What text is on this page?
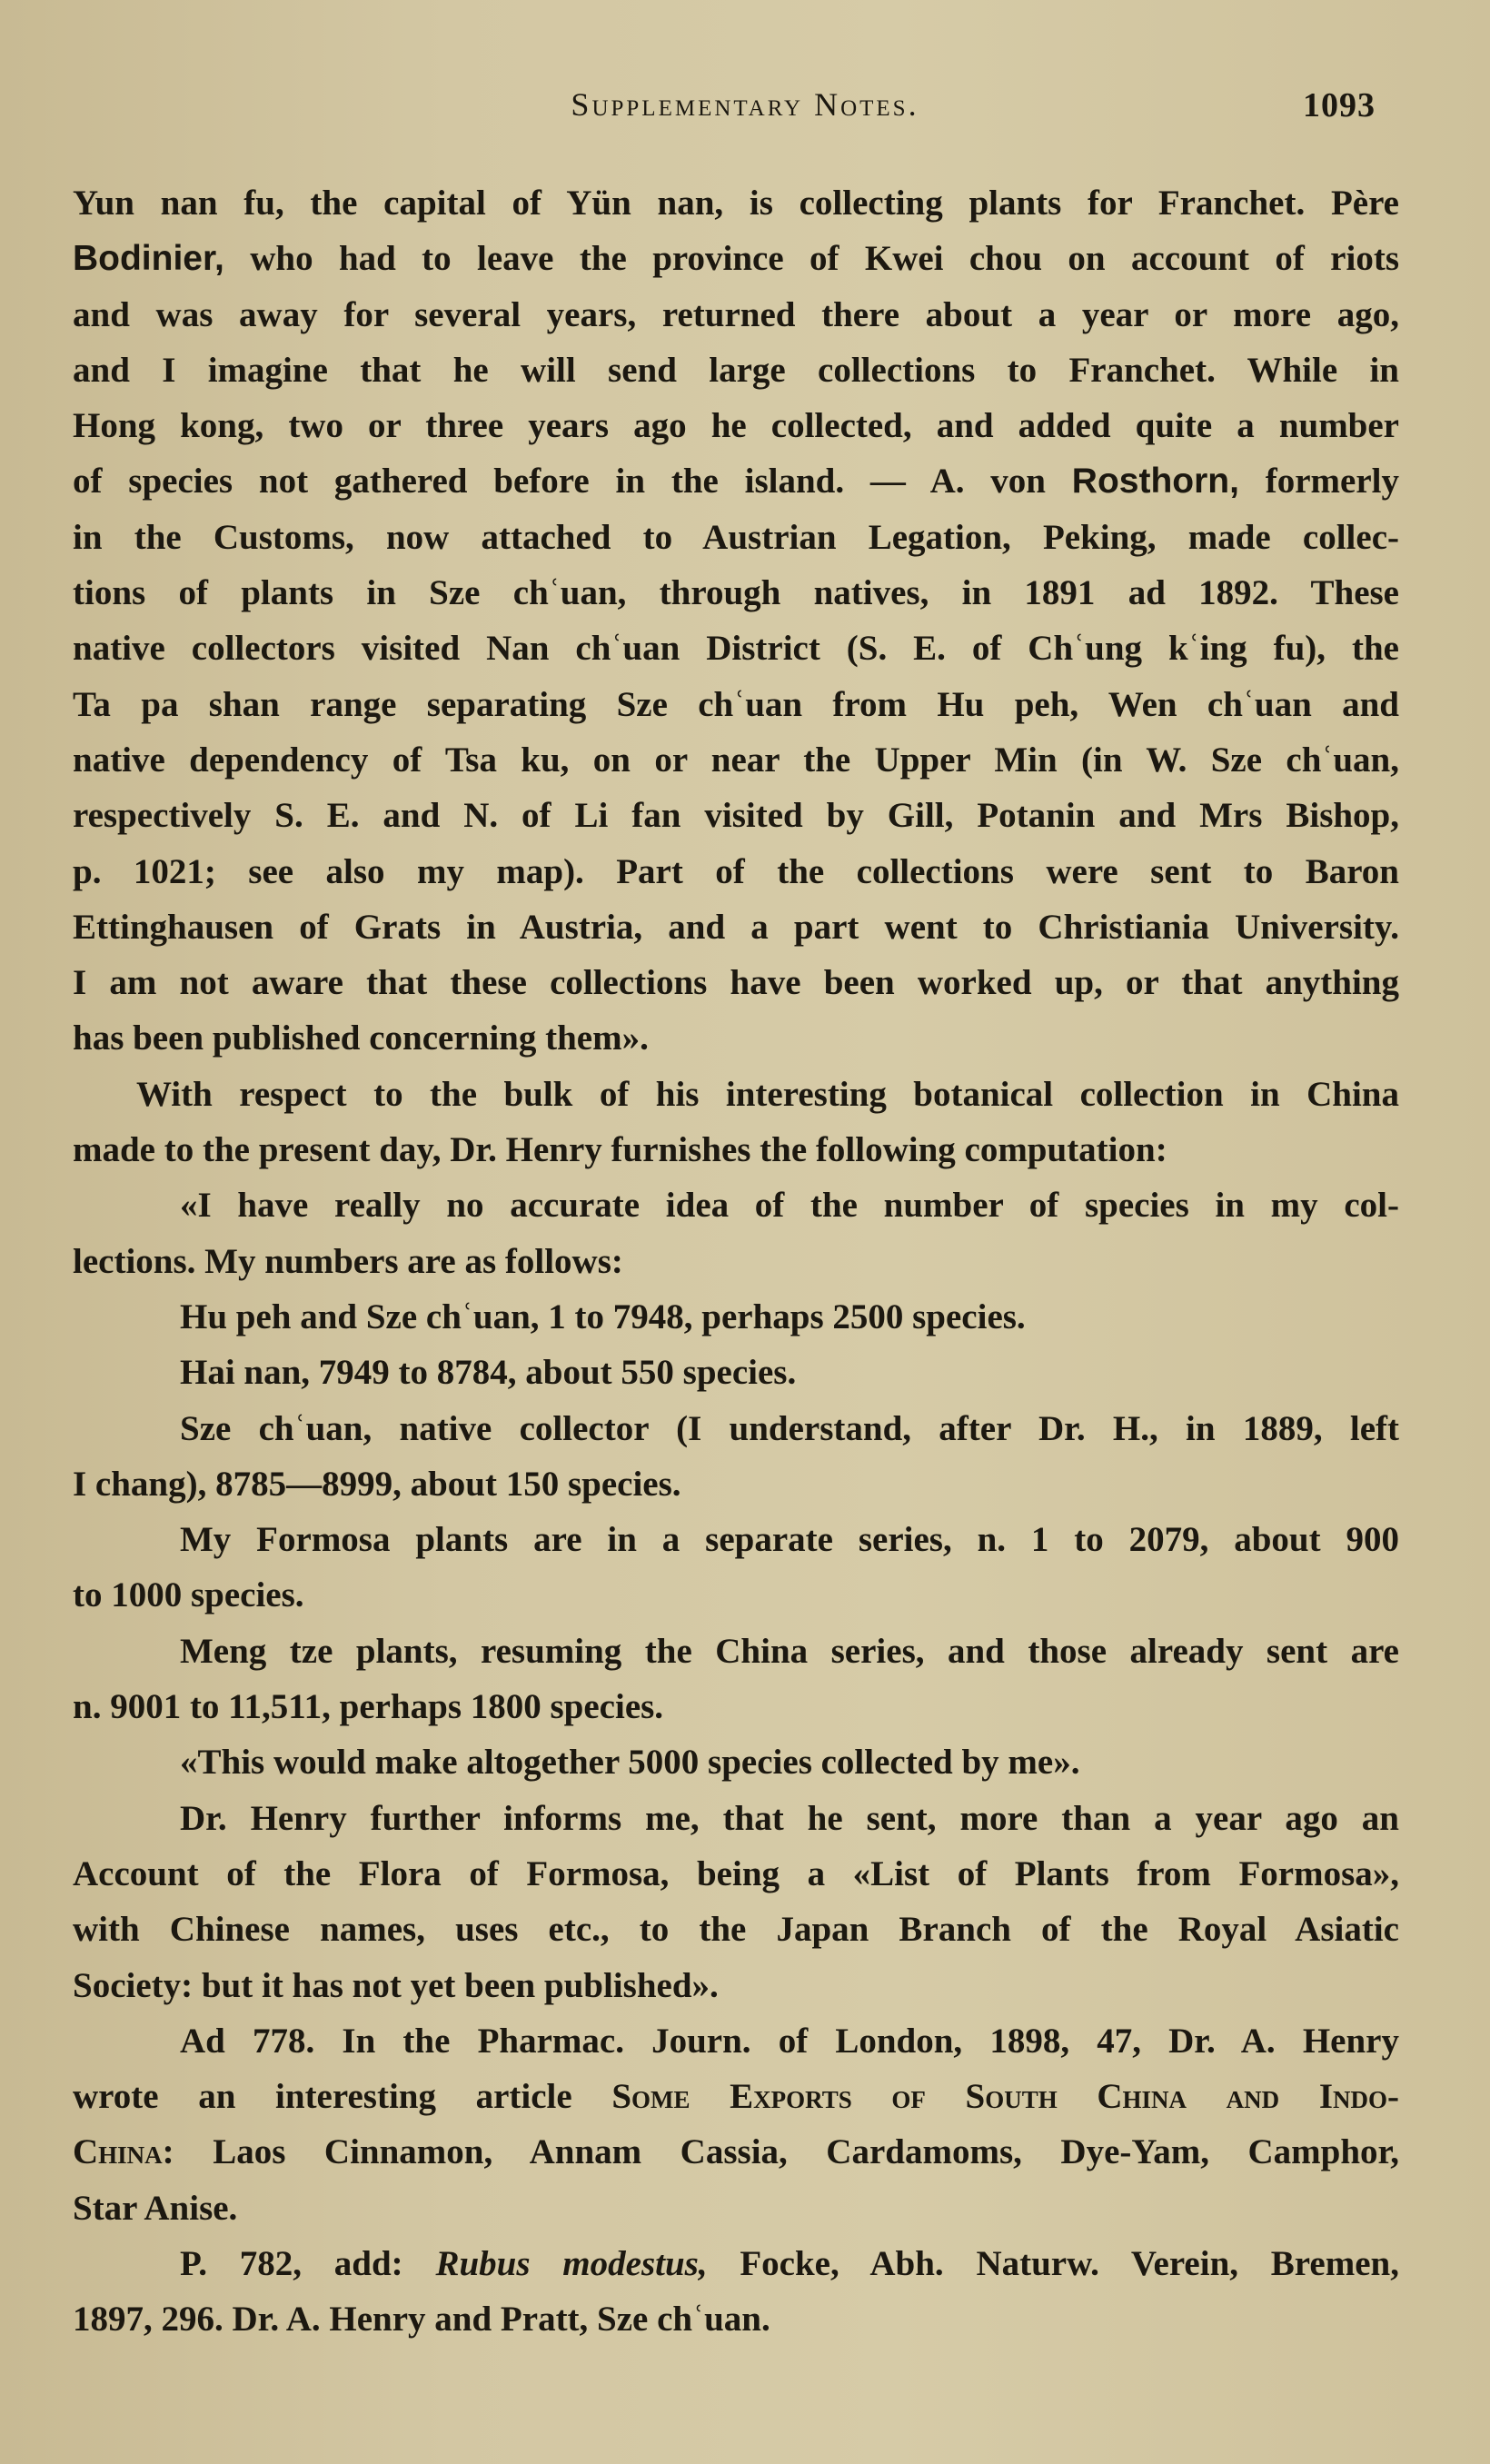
Supplementary Notes.	1093
Yun nan fu, the capital of Yün nan, is collecting plants for Franchet. Père
Bodinier, who had to leave the province of Kwei chou on account of riots
and was away for several years, returned there about a year or more ago,
and I imagine that he will send large collections to Franchet. While in
Hong kong, two or three years ago he collected, and added quite a number
of species not gathered before in the island. — A. von Rosthorn, formerly
in the Customs, now attached to Austrian Legation, Peking, made collec-
tions of plants in Sze chʿuan, through natives, in 1891 ad 1892. These
native collectors visited Nan chʿuan District (S. E. of Chʿung kʿing fu), the
Ta pa shan range separating Sze chʿuan from Hu peh, Wen chʿuan and
native dependency of Tsa ku, on or near the Upper Min (in W. Sze chʿuan,
respectively S. E. and N. of Li fan visited by Gill, Potanin and Mrs Bishop,
p. 1021; see also my map). Part of the collections were sent to Baron
Ettinghausen of Grats in Austria, and a part went to Christiania University.
I am not aware that these collections have been worked up, or that anything
has been published concerning them».
With respect to the bulk of his interesting botanical collection in China
made to the present day, Dr. Henry furnishes the following computation:
«I have really no accurate idea of the number of species in my col-
lections. My numbers are as follows:
Hu peh and Sze chʿuan, 1 to 7948, perhaps 2500 species.
Hai nan, 7949 to 8784, about 550 species.
Sze chʿuan, native collector (I understand, after Dr. H., in 1889, left
I chang), 8785—8999, about 150 species.
My Formosa plants are in a separate series, n. 1 to 2079, about 900
to 1000 species.
Meng tze plants, resuming the China series, and those already sent are
n. 9001 to 11,511, perhaps 1800 species.
«This would make altogether 5000 species collected by me».
Dr. Henry further informs me, that he sent, more than a year ago an
Account of the Flora of Formosa, being a «List of Plants from Formosa»,
with Chinese names, uses etc., to the Japan Branch of the Royal Asiatic
Society: but it has not yet been published».
Ad 778. In the Pharmac. Journ. of London, 1898, 47, Dr. A. Henry
wrote an interesting article Some Exports of South China and Indo-
China: Laos Cinnamon, Annam Cassia, Cardamoms, Dye-Yam, Camphor,
Star Anise.
P. 782, add: Rubus modestus, Focke, Abh. Naturw. Verein, Bremen,
1897, 296. Dr. A. Henry and Pratt, Sze chʿuan.
